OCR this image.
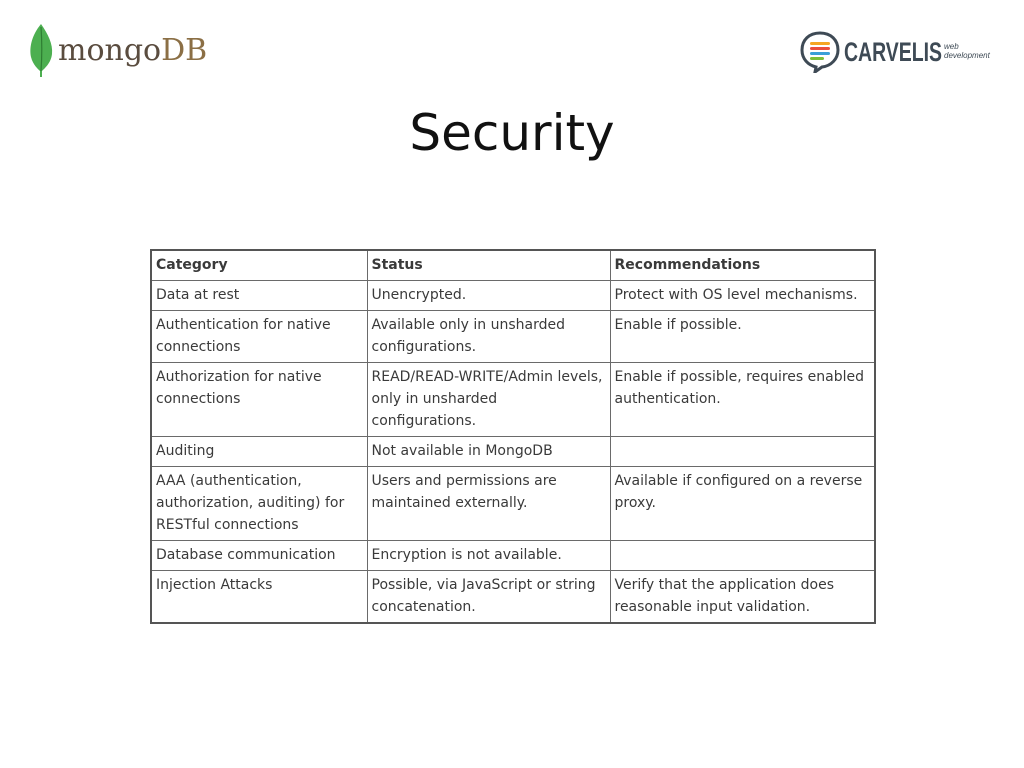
mongoDB	CARVELIS web
development
Security
Category	Status	Recommendations
Data at rest	Unencrypted.	Protect with OS level mechanisms.
Authentication for native connections	Available only in unsharded configurations.	Enable if possible.
Authorization for native connections	READ/READ-WRITE/Admin levels, only in unsharded configurations.	Enable if possible, requires enabled authentication.
Auditing	Not available in MongoDB	
AAA (authentication, authorization, auditing) for RESTful connections	Users and permissions are maintained externally.	Available if configured on a reverse proxy.
Database communication	Encryption is not available.	
Injection Attacks	Possible, via JavaScript or string concatenation.	Verify that the application does reasonable input validation.
